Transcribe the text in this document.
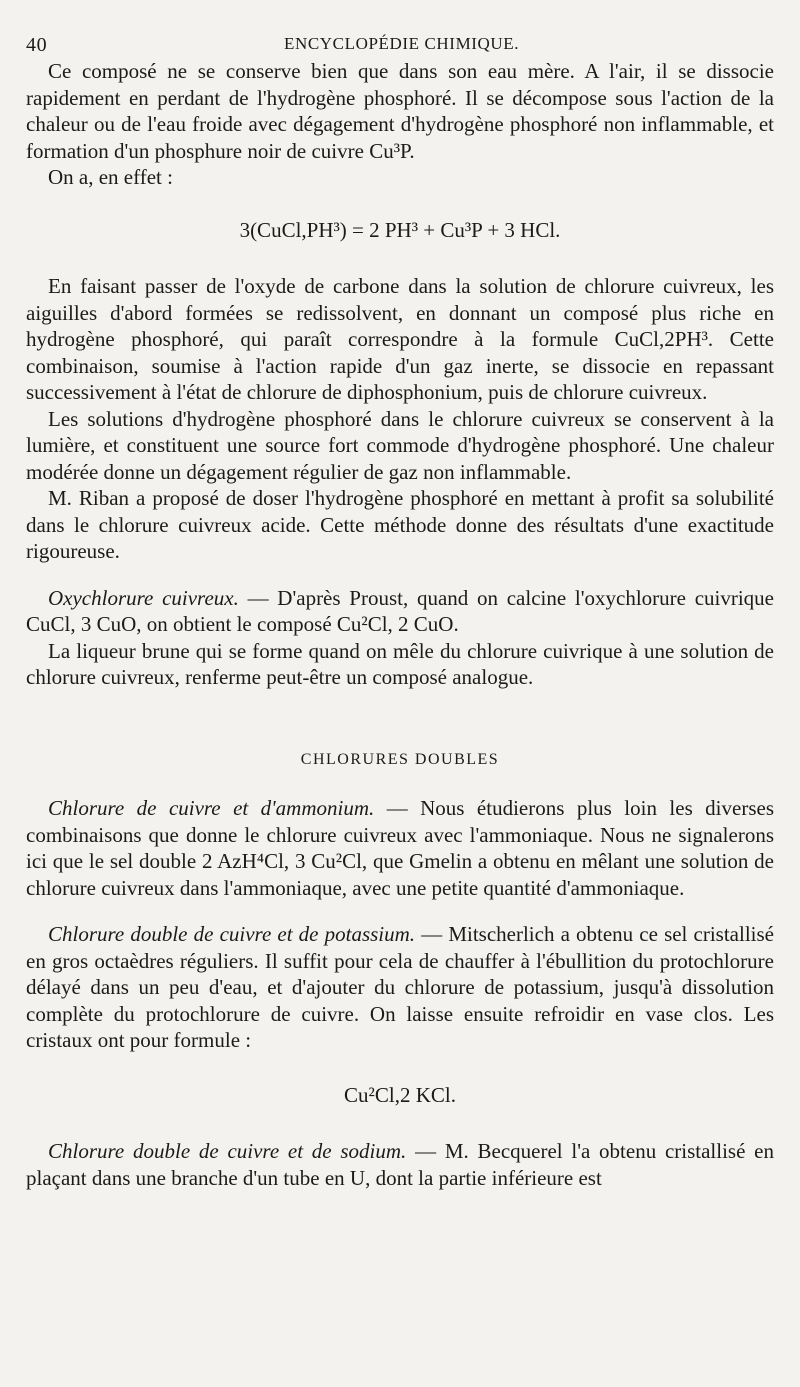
40	ENCYCLOPÉDIE CHIMIQUE.

Ce composé ne se conserve bien que dans son eau mère. A l'air, il se dissocie rapidement en perdant de l'hydrogène phosphoré. Il se décompose sous l'action de la chaleur ou de l'eau froide avec dégagement d'hydrogène phosphoré non inflammable, et formation d'un phosphure noir de cuivre Cu³P.

On a, en effet :

3(CuCl,PH³) = 2 PH³ + Cu³P + 3 HCl.

En faisant passer de l'oxyde de carbone dans la solution de chlorure cuivreux, les aiguilles d'abord formées se redissolvent, en donnant un composé plus riche en hydrogène phosphoré, qui paraît correspondre à la formule CuCl,2PH³. Cette combinaison, soumise à l'action rapide d'un gaz inerte, se dissocie en repassant successivement à l'état de chlorure de diphosphonium, puis de chlorure cuivreux.

Les solutions d'hydrogène phosphoré dans le chlorure cuivreux se conservent à la lumière, et constituent une source fort commode d'hydrogène phosphoré. Une chaleur modérée donne un dégagement régulier de gaz non inflammable.

M. Riban a proposé de doser l'hydrogène phosphoré en mettant à profit sa solubilité dans le chlorure cuivreux acide. Cette méthode donne des résultats d'une exactitude rigoureuse.

Oxychlorure cuivreux. — D'après Proust, quand on calcine l'oxychlorure cuivrique CuCl, 3 CuO, on obtient le composé Cu²Cl, 2 CuO.

La liqueur brune qui se forme quand on mêle du chlorure cuivrique à une solution de chlorure cuivreux, renferme peut-être un composé analogue.

CHLORURES DOUBLES

Chlorure de cuivre et d'ammonium. — Nous étudierons plus loin les diverses combinaisons que donne le chlorure cuivreux avec l'ammoniaque. Nous ne signalerons ici que le sel double 2 AzH⁴Cl, 3 Cu²Cl, que Gmelin a obtenu en mêlant une solution de chlorure cuivreux dans l'ammoniaque, avec une petite quantité d'ammoniaque.

Chlorure double de cuivre et de potassium. — Mitscherlich a obtenu ce sel cristallisé en gros octaèdres réguliers. Il suffit pour cela de chauffer à l'ébullition du protochlorure délayé dans un peu d'eau, et d'ajouter du chlorure de potassium, jusqu'à dissolution complète du protochlorure de cuivre. On laisse ensuite refroidir en vase clos. Les cristaux ont pour formule :

Cu²Cl,2 KCl.

Chlorure double de cuivre et de sodium. — M. Becquerel l'a obtenu cristallisé en plaçant dans une branche d'un tube en U, dont la partie inférieure est
